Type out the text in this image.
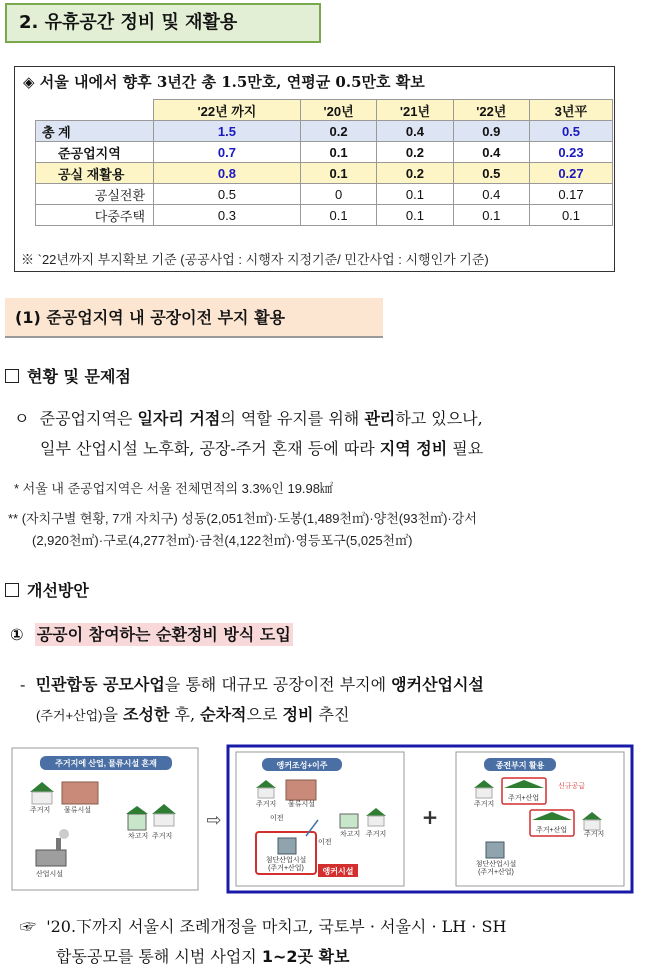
2. 유휴공간 정비 및 재활용
◈ 서울 내에서 향후 3년간 총 1.5만호, 연평균 0.5만호 확보
	'22년 까지	'20년	'21년	'22년	3년平
총 계	1.5	0.2	0.4	0.9	0.5
준공업지역	0.7	0.1	0.2	0.4	0.23
공실 재활용	0.8	0.1	0.2	0.5	0.27
공실전환	0.5	0	0.1	0.4	0.17
다중주택	0.3	0.1	0.1	0.1	0.1
※ `22년까지 부지확보 기준 (공공사업 : 시행자 지정기준/ 민간사업 : 시행인가 기준)
(1) 준공업지역 내 공장이전 부지 활용
현황 및 문제점
ㅇ 준공업지역은 일자리 거점의 역할 유지를 위해 관리하고 있으나,
일부 산업시설 노후화, 공장-주거 혼재 등에 따라 지역 정비 필요
* 서울 내 준공업지역은 서울 전체면적의 3.3%인 19.98㎢
** (자치구별 현황, 7개 자치구) 성동(2,051천㎡)·도봉(1,489천㎡)·양천(93천㎡)·강서
(2,920천㎡)·구로(4,277천㎡)·금천(4,122천㎡)·영등포구(5,025천㎡)
개선방안
① 공공이 참여하는 순환정비 방식 도입
- 민관합동 공모사업을 통해 대규모 공장이전 부지에 앵커산업시설
(주거+산업)을 조성한 후, 순차적으로 정비 추진
주거지에 산업, 물류시설 혼재
주거지 물류시설
차고지 주거지
산업시설
⇨
앵커조성+이주
주거지 물류시설
이전
차고지 주거지
첨단산업시설
(주거+산업)
이전
앵커시설
+
종전부지 활용
주거지
주거+산업
신규공급
주거+산업
주거지
첨단산업시설
(주거+산업)
☞ '20.下까지 서울시 조례개정을 마치고, 국토부 · 서울시 · LH · SH
합동공모를 통해 시범 사업지 1~2곳 확보
